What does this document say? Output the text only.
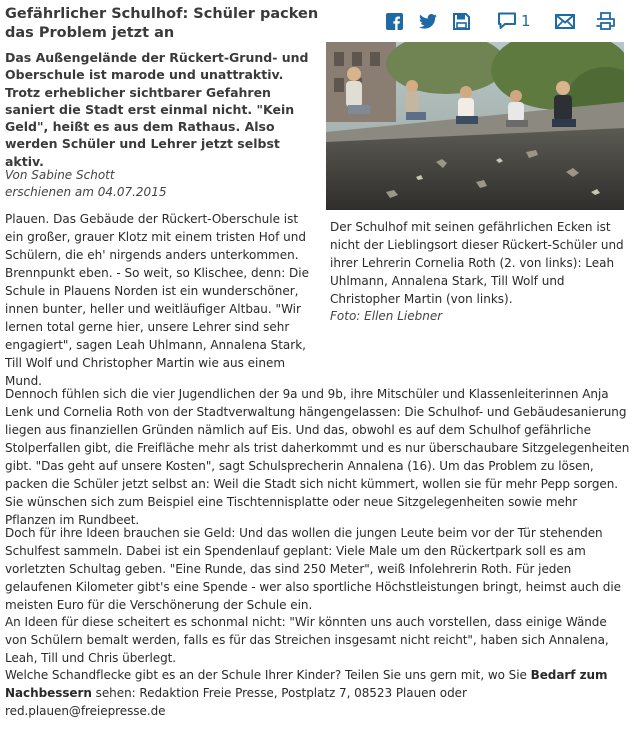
Gefährlicher Schulhof: Schüler packen das Problem jetzt an
1

Das Außengelände der Rückert-Grund- und Oberschule ist marode und unattraktiv. Trotz erheblicher sichtbarer Gefahren saniert die Stadt erst einmal nicht. "Kein Geld", heißt es aus dem Rathaus. Also werden Schüler und Lehrer jetzt selbst aktiv.

Von Sabine Schott

erschienen am 04.07.2015

Der Schulhof mit seinen gefährlichen Ecken ist nicht der Lieblingsort dieser Rückert-Schüler und ihrer Lehrerin Cornelia Roth (2. von links): Leah Uhlmann, Annalena Stark, Till Wolf und Christopher Martin (von links).

Foto: Ellen Liebner

Plauen. Das Gebäude der Rückert-Oberschule ist ein großer, grauer Klotz mit einem tristen Hof und Schülern, die eh' nirgends anders unterkommen. Brennpunkt eben. - So weit, so Klischee, denn: Die Schule in Plauens Norden ist ein wunderschöner, innen bunter, heller und weitläufiger Altbau. "Wir lernen total gerne hier, unsere Lehrer sind sehr engagiert", sagen Leah Uhlmann, Annalena Stark, Till Wolf und Christopher Martin wie aus einem Mund.

Dennoch fühlen sich die vier Jugendlichen der 9a und 9b, ihre Mitschüler und Klassenleiterinnen Anja Lenk und Cornelia Roth von der Stadtverwaltung hängengelassen: Die Schulhof- und Gebäudesanierung liegen aus finanziellen Gründen nämlich auf Eis. Und das, obwohl es auf dem Schulhof gefährliche Stolperfallen gibt, die Freifläche mehr als trist daherkommt und es nur überschaubare Sitzgelegenheiten gibt. "Das geht auf unsere Kosten", sagt Schulsprecherin Annalena (16). Um das Problem zu lösen, packen die Schüler jetzt selbst an: Weil die Stadt sich nicht kümmert, wollen sie für mehr Pepp sorgen. Sie wünschen sich zum Beispiel eine Tischtennisplatte oder neue Sitzgelegenheiten sowie mehr Pflanzen im Rundbeet.

Doch für ihre Ideen brauchen sie Geld: Und das wollen die jungen Leute beim vor der Tür stehenden Schulfest sammeln. Dabei ist ein Spendenlauf geplant: Viele Male um den Rückertpark soll es am vorletzten Schultag geben. "Eine Runde, das sind 250 Meter", weiß Infolehrerin Roth. Für jeden gelaufenen Kilometer gibt's eine Spende - wer also sportliche Höchstleistungen bringt, heimst auch die meisten Euro für die Verschönerung der Schule ein.

An Ideen für diese scheitert es schonmal nicht: "Wir könnten uns auch vorstellen, dass einige Wände von Schülern bemalt werden, falls es für das Streichen insgesamt nicht reicht", haben sich Annalena, Leah, Till und Chris überlegt.

Welche Schandflecke gibt es an der Schule Ihrer Kinder? Teilen Sie uns gern mit, wo Sie Bedarf zum Nachbessern sehen: Redaktion Freie Presse, Postplatz 7, 08523 Plauen oder red.plauen@freiepresse.de
